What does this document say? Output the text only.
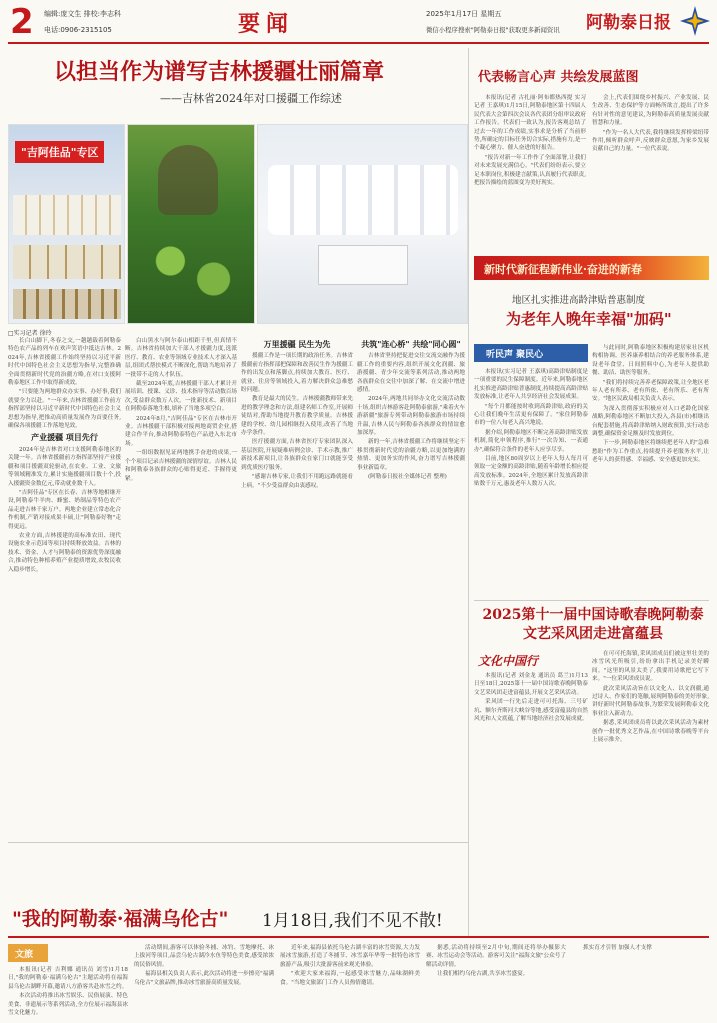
2 编辑:庞文生 排校:李志科
电话:0906-2315105	要闻	2025年1月17日 星期五
微信小程序搜索"阿勒泰日报"获取更多新闻资讯 阿勒泰日报
以担当作为谱写吉林援疆壮丽篇章
——吉林省2024年对口援疆工作综述
"吉阿佳品"专区
□实习记者 徐玲

长白山脚下,冬春之交,一趟趟载着阿勒泰特色农产品的列车在欢声笑语中抵达吉林。2024年,吉林省援疆工作始终坚持以习近平新时代中国特色社会主义思想为指导,完整准确全面贯彻新时代党的治疆方略,在对口支援阿勒泰地区工作中取得新成效。

"只要能为两地群众办实事、办好事,我们就要全力以赴。"一年来,吉林省援疆工作前方指挥部坚持以习近平新时代中国特色社会主义思想为指导,把推动高质量发展作为首要任务,确保各项援疆工作落地见效。

产业援疆 项目先行

2024年是吉林省对口支援阿勒泰地区的关键一年。吉林省援疆前方指挥部坚持产业援疆和项目援疆双轮驱动,在农业、工业、文旅等领域精准发力,累计实施援疆项目数十个,投入援疆资金数亿元,带动就业数千人。

"吉阿佳品"专区在长春、吉林等地相继开设,阿勒泰牛羊肉、蜂蜜、奶制品等特色农产品走进吉林千家万户。两地企业建立常态化合作机制,产销对接成果丰硕,让"阿勒泰好物"走得更远。

农业方面,吉林援建的高标准农田、现代设施农业示范园等项目持续释放效益。吉林的技术、资金、人才与阿勒泰的资源优势深度融合,推动特色种植养殖产业提质增效,农牧民收入稳步增长。

白山黑水与阿尔泰山相距千里,但真情不断。吉林省持续加大干部人才援疆力度,选派医疗、教育、农业等领域专业技术人才深入基层,组团式帮扶模式不断深化,帮助当地培养了一批带不走的人才队伍。

截至2024年底,吉林援疆干部人才累计开展培训、授课、义诊、技术指导等活动数百场次,受益群众数万人次。一批新技术、新项目在阿勒泰落地生根,填补了当地多项空白。

2024年8月,"吉阿佳品"专区在吉林市开业。吉林援疆干部积极对接两地商贸企业,搭建合作平台,推动阿勒泰特色产品进入东北市场。

一组组数据见证两地携手奋进的成果,一个个项目记录吉林援疆的深情厚谊。吉林人民和阿勒泰各族群众的心贴得更近、手握得更紧。

万里援疆 民生为先

援疆工作是一项长期的政治任务。吉林省援疆前方指挥部把保障和改善民生作为援疆工作的出发点和落脚点,持续加大教育、医疗、就业、住房等领域投入,着力解决群众急难愁盼问题。

教育是最大的民生。吉林援疆教师带来先进的教学理念和方法,组建名师工作室,开展师徒结对,帮助当地提升教育教学质量。吉林援建的学校、幼儿园相继投入使用,改善了当地办学条件。

医疗援疆方面,吉林省医疗专家团队深入基层医院,开展疑难病例会诊、手术示教,推广新技术新项目,让各族群众在家门口就能享受到优质医疗服务。

"感谢吉林专家,让我们不用跑远路就能看上病。"不少受益群众由衷感叹。

共筑"连心桥" 共绘"同心圆"

吉林省坚持把促进交往交流交融作为援疆工作的重要内容,组织开展文化润疆、旅游援疆、青少年交流等系列活动,推动两地各族群众在交往中加深了解、在交流中增进感情。

2024年,两地共同举办文化交流活动数十场,组织吉林游客赴阿勒泰旅游,"乘着火车游新疆"旅游专列带动阿勒泰旅游市场持续升温,吉林人民与阿勒泰各族群众的情谊愈加深厚。

新的一年,吉林省援疆工作将继续坚定不移贯彻新时代党的治疆方略,以更加饱满的热情、更加务实的作风,奋力谱写吉林援疆事业新篇章。

(阿勒泰日报社全媒体记者 整理)

代表畅言心声 共绘发展蓝图

本报讯(记者 古扎丽·阿布都热西提 实习记者 王嘉琪)1月15日,阿勒泰地区第十四届人民代表大会第四次会议各代表团分组审议政府工作报告。代表们一致认为,报告客观总结了过去一年的工作成绩,实事求是分析了当前形势,所确定的目标任务切合实际,措施有力,是一个凝心聚力、催人奋进的好报告。

"报告对新一年工作作了全面部署,让我们对未来发展充满信心。"代表们纷纷表示,要立足本职岗位,积极建言献策,认真履行代表职责,把报告描绘的蓝图变为美好现实。

会上,代表们围绕乡村振兴、产业发展、民生改善、生态保护等方面畅所欲言,提出了许多有针对性的意见建议,为阿勒泰高质量发展贡献智慧和力量。

"作为一名人大代表,我将继续发挥桥梁纽带作用,倾听群众呼声,反映群众意愿,为家乡发展贡献自己的力量。"一位代表说。

新时代新征程新伟业·奋进的新春
地区扎实推进高龄津贴普惠制度
为老年人晚年幸福"加码"
听民声 聚民心

本报讯(实习记者 王嘉琪)高龄津贴制度是一项重要的民生保障制度。近年来,阿勒泰地区扎实推进高龄津贴普惠制度,持续提高高龄津贴发放标准,让老年人共享经济社会发展成果。

"每个月都能按时收到高龄津贴,政府的关心让我们晚年生活更有保障了。"家住阿勒泰市的一位八旬老人高兴地说。

据介绍,阿勒泰地区不断完善高龄津贴发放机制,简化申领程序,推行"一次告知、一表通办",确保符合条件的老年人应享尽享。

目前,地区80周岁以上老年人每人每月可领取一定金额的高龄津贴,随着年龄增长相应提高发放标准。2024年,全地区累计发放高龄津贴数千万元,惠及老年人数万人次。

与此同时,阿勒泰地区积极构建居家社区机构相协调、医养康养相结合的养老服务体系,建设老年食堂、日间照料中心,为老年人提供助餐、助洁、助医等服务。

"我们将持续完善养老保障政策,让全地区老年人老有所养、老有所依、老有所乐、老有所安。"地区民政局相关负责人表示。

为深入贯彻落实积极应对人口老龄化国家战略,阿勒泰地区不断加大投入,各县(市)相继出台配套措施,将高龄津贴纳入财政预算,实行动态调整,确保资金足额及时发放到位。

下一步,阿勒泰地区将继续把老年人的"急难愁盼"作为工作重点,持续提升养老服务水平,让老年人的获得感、幸福感、安全感更加充实。

2025第十一届中国诗歌春晚阿勒泰文艺采风团走进富蕴县
文化中国行

本报讯(记者 刘金龙 通讯员 葛兰)1月13日至18日,2025第十一届中国诗歌春晚阿勒泰文艺采风团走进富蕴县,开展文艺采风活动。

采风团一行先后走进可可托海、三号矿坑、额尔齐斯河大峡谷等地,感受富蕴县的自然风光和人文底蕴,了解当地经济社会发展成就。

在可可托海镇,采风团成员们被这里壮美的冰雪风光所吸引,纷纷拿出手机记录美好瞬间。"这里的风景太美了,我要用诗歌把它写下来。"一位采风团成员说。

此次采风活动旨在以文化人、以文润疆,通过诗人、作家们的笔触,展现阿勒泰的美好形象,讲好新时代阿勒泰故事,为繁荣发展阿勒泰文化事业注入新动力。

据悉,采风团成员将以此次采风活动为素材创作一批优秀文艺作品,在中国诗歌春晚等平台上展示推介。

"我的阿勒泰·福满乌伦古" 1月18日,我们不见不散!
文旅

本报讯(记者 吉利娜 通讯员 刘雪)1月18日,"我的阿勒泰·福满乌伦古"主题活动将在福海县乌伦古湖畔开幕,邀请八方游客共赴冰雪之约。

本次活动将推出冰雪娱乐、民俗展演、特色美食、非遗展示等系列活动,全方位展示福海县冰雪文化魅力。

活动期间,游客可以体验冬捕、冰钓、雪地摩托、冰上拔河等项目,品尝乌伦古湖冷水鱼等特色美食,感受浓浓的民俗风情。

福海县相关负责人表示,此次活动将进一步擦亮"福满乌伦古"文旅品牌,推动冰雪旅游高质量发展。

近年来,福海县依托乌伦古湖丰富的冰雪资源,大力发展冰雪旅游,打造了冬捕节、冰雪嘉年华等一批特色冰雪旅游产品,吸引大批游客前来观光体验。

"欢迎大家来福海,一起感受冰雪魅力,品味湖鲜美食。"当地文旅部门工作人员热情邀请。

据悉,活动将持续至2月中旬,期间还将举办摄影大赛、冰雪运动会等活动。游客可关注"福海文旅"公众号了解活动详情。

让我们相约乌伦古湖,共享冰雪盛宴。

抓实育才引智 加强人才支撑
